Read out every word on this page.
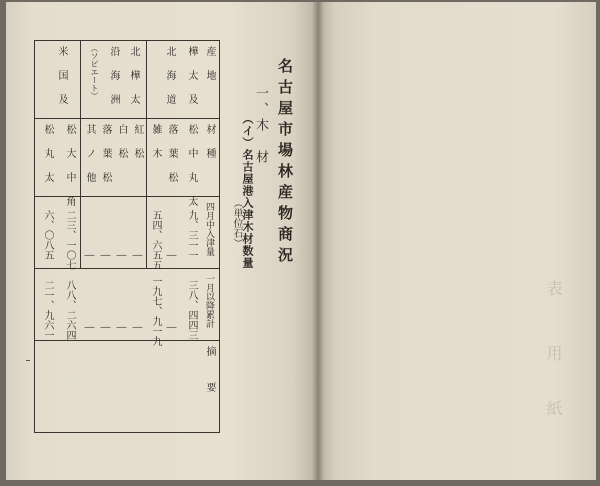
名古屋市場林産物商況
一、木　材
（イ）名古屋港入津木材数量
（単位石）
産　地
材　種
四月中入津量
一月以降累計
摘　　要
樺　太　及
北　海　道
北　樺　太
沿　海　洲
（ソビエート）
米　国　及
松　中　丸　太
落　葉　松
雑　木
紅　松
白　松
落　葉　松
其　ノ　他
松　大　中　角
松　丸　太
九、三一一
―
五四、六五五
―
―
―
―
二三、一〇七
六、〇八五
三八、四四三
―
一九七、九一九
―
―
―
―
八八、二六四
二一、九六一	表
用
紙
